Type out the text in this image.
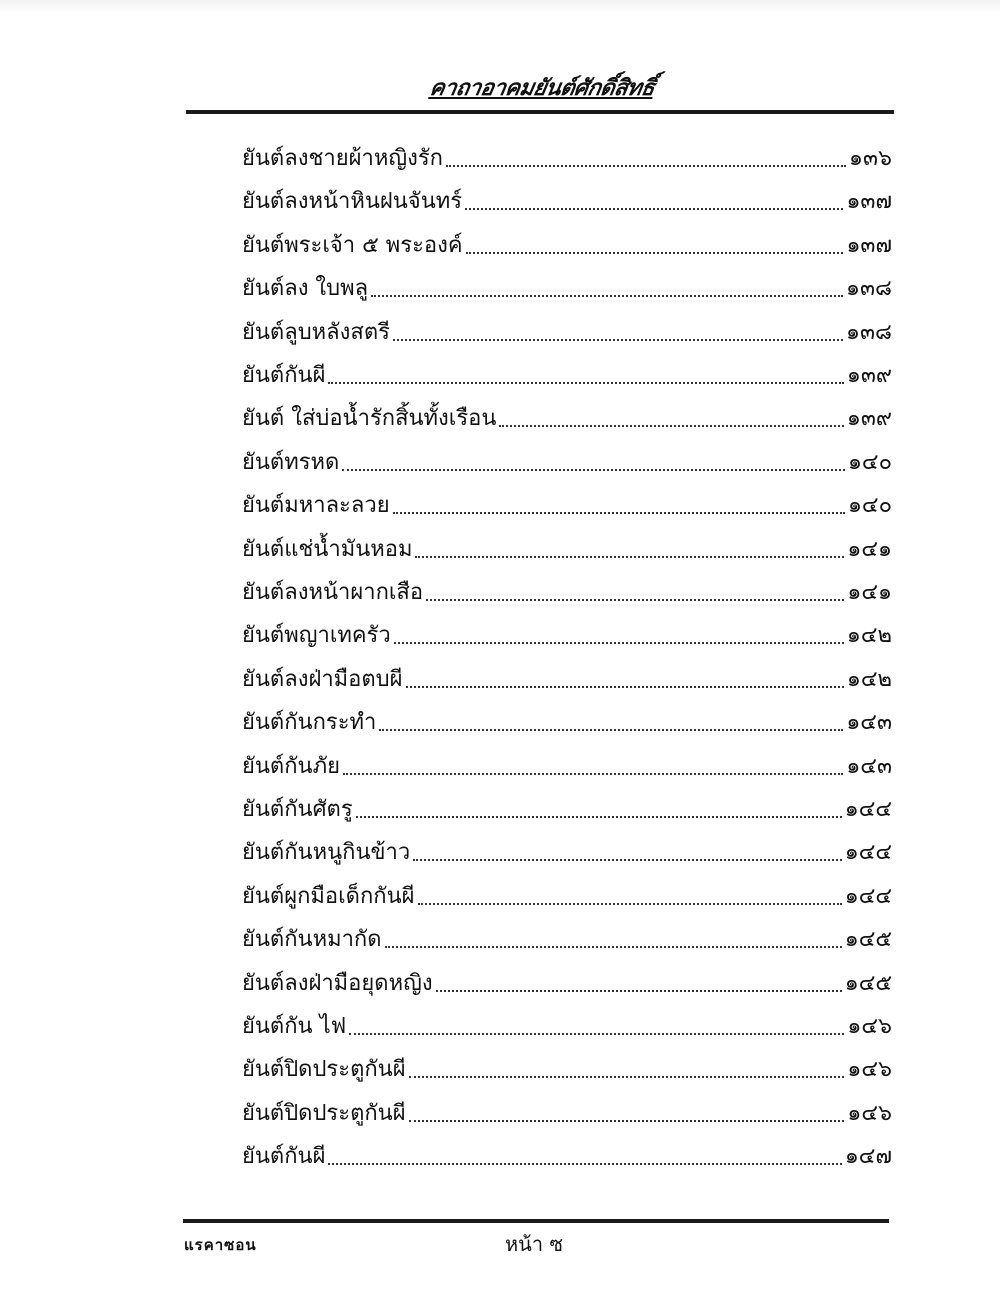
คาถาอาคมยันต์ศักดิ์สิทธิ์
ยันต์ลงชายผ้าหญิงรัก	๑๓๖
ยันต์ลงหน้าหินฝนจันทร์	๑๓๗
ยันต์พระเจ้า ๕ พระองค์	๑๓๗
ยันต์ลง ใบพลู	๑๓๘
ยันต์ลูบหลังสตรี	๑๓๘
ยันต์กันผี	๑๓๙
ยันต์ ใส่บ่อน้ำรักสิ้นทั้งเรือน	๑๓๙
ยันต์ทรหด	๑๔๐
ยันต์มหาละลวย	๑๔๐
ยันต์แช่น้ำมันหอม	๑๔๑
ยันต์ลงหน้าผากเสือ	๑๔๑
ยันต์พญาเทครัว	๑๔๒
ยันต์ลงฝ่ามือตบผี	๑๔๒
ยันต์กันกระทำ	๑๔๓
ยันต์กันภัย	๑๔๓
ยันต์กันศัตรู	๑๔๔
ยันต์กันหนูกินข้าว	๑๔๔
ยันต์ผูกมือเด็กกันผี	๑๔๔
ยันต์กันหมากัด	๑๔๕
ยันต์ลงฝ่ามือยุดหญิง	๑๔๕
ยันต์กัน ไฟ	๑๔๖
ยันต์ปิดประตูกันผี	๑๔๖
ยันต์ปิดประตูกันผี	๑๔๖
ยันต์กันผี	๑๔๗
แรคาซอน	หน้า ซ
